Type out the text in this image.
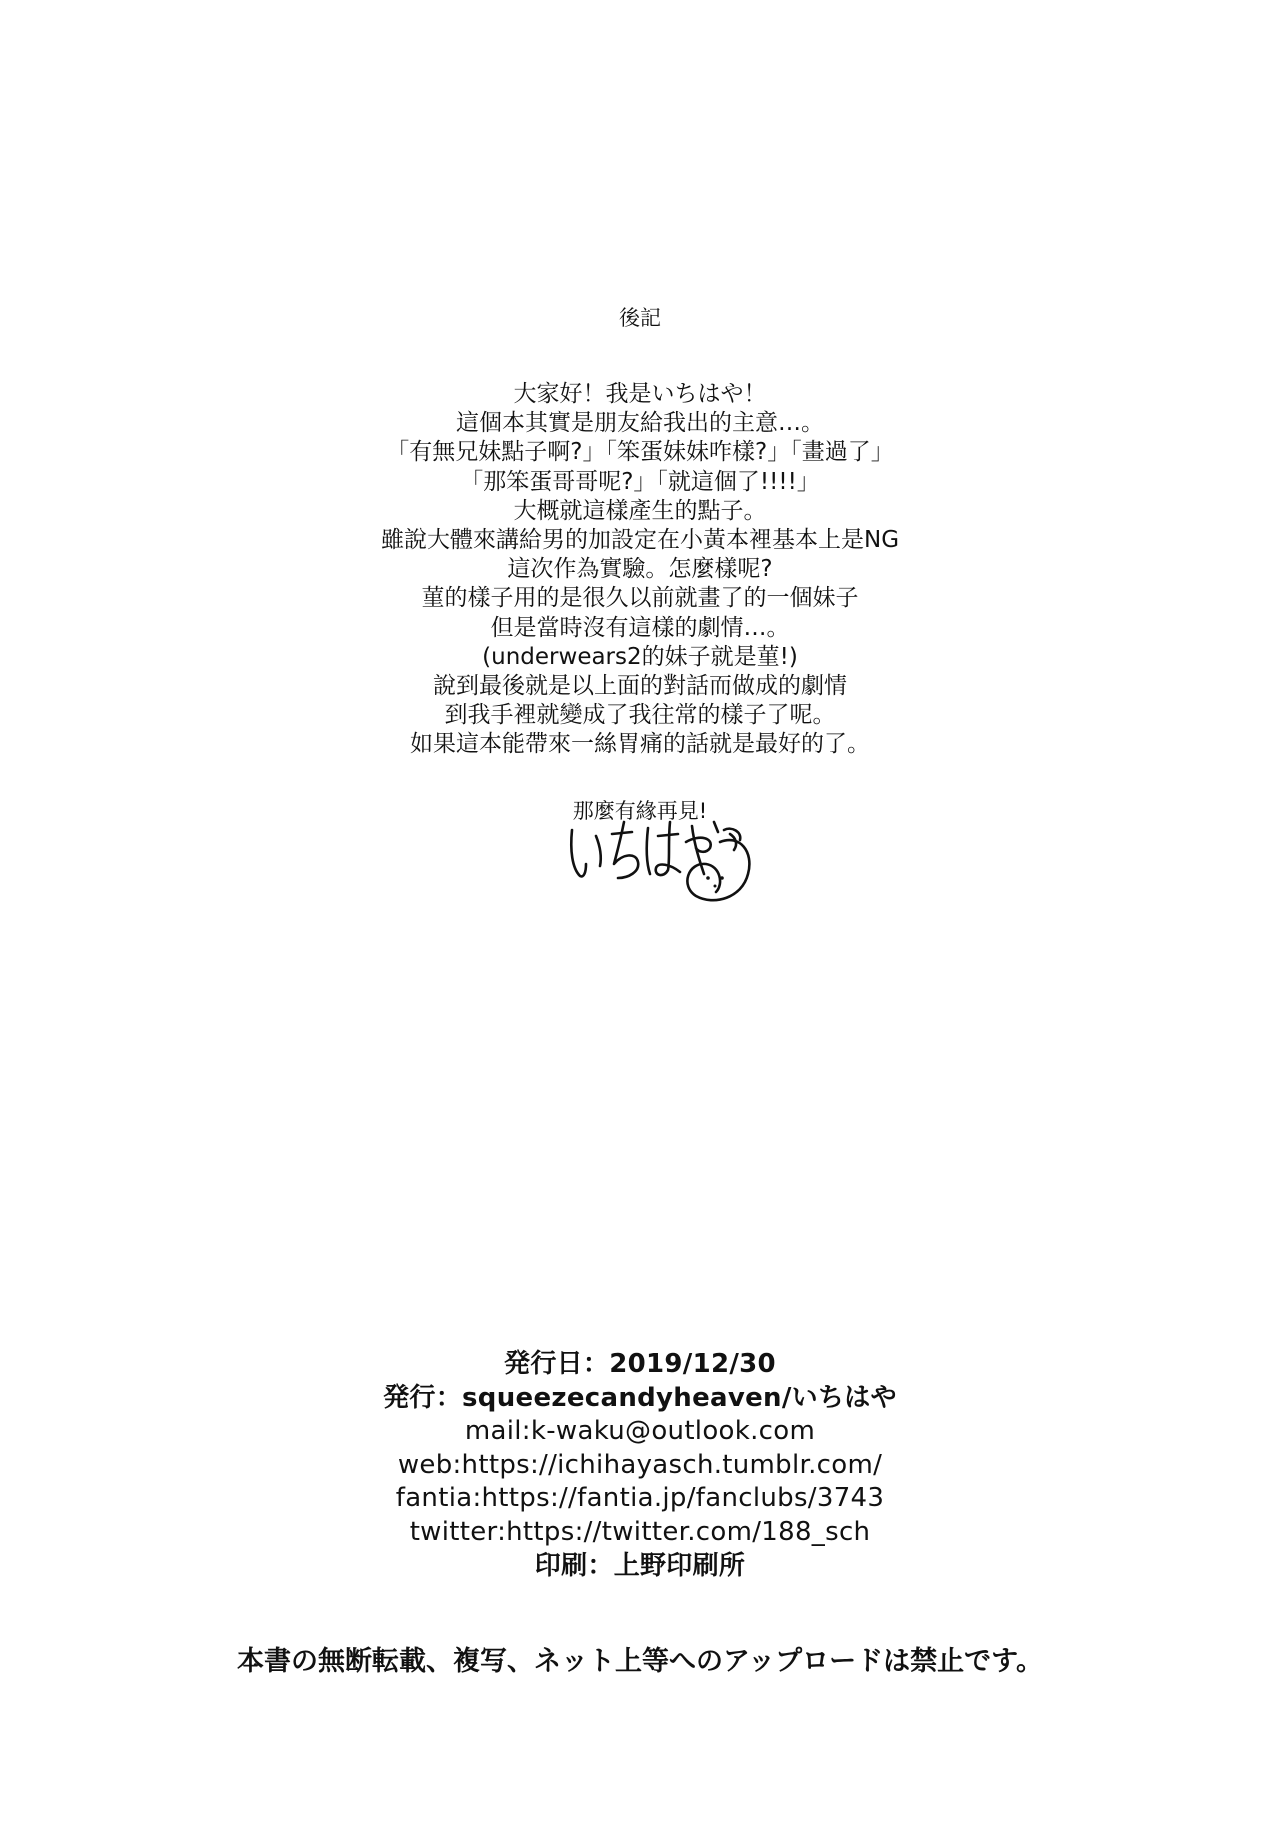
後記
大家好！我是いちはや！
這個本其實是朋友給我出的主意…。
「有無兄妹點子啊?」「笨蛋妹妹咋樣?」「畫過了」
「那笨蛋哥哥呢?」「就這個了!!!!」
大概就這樣產生的點子。
雖說大體來講給男的加設定在小黃本裡基本上是NG
這次作為實驗。怎麼樣呢?
菫的樣子用的是很久以前就畫了的一個妹子
但是當時沒有這樣的劇情…。
(underwears2的妹子就是菫!)
說到最後就是以上面的對話而做成的劇情
到我手裡就變成了我往常的樣子了呢。
如果這本能帶來一絲胃痛的話就是最好的了。
那麼有緣再見!
発行日：2019/12/30
発行：squeezecandyheaven/いちはや
mail:k-waku@outlook.com
web:https://ichihayasch.tumblr.com/
fantia:https://fantia.jp/fanclubs/3743
twitter:https://twitter.com/188_sch
印刷：上野印刷所
本書の無断転載、複写、ネット上等へのアップロードは禁止です。
